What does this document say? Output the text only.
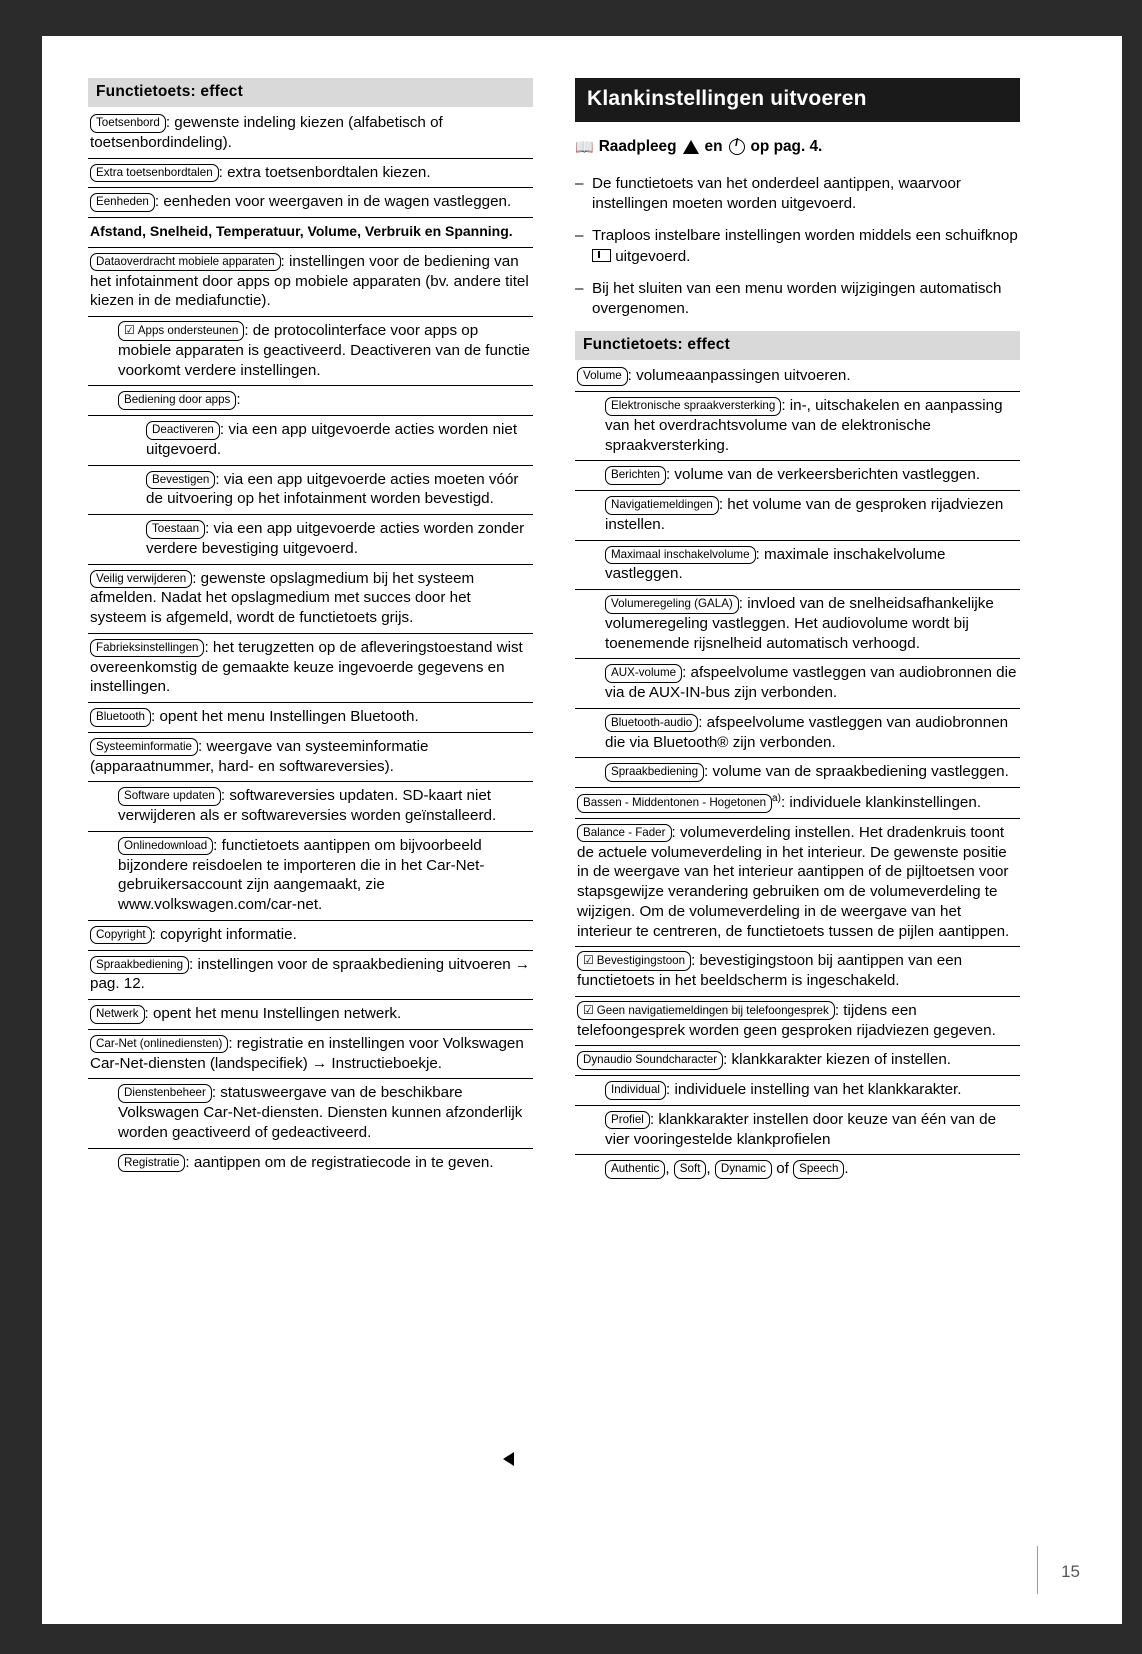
Functietoets: effect
Toetsenbord : gewenste indeling kiezen (alfabetisch of toetsenbordindeling).
Extra toetsenbordtalen : extra toetsenbordtalen kiezen.
Eenheden : eenheden voor weergaven in de wagen vastleggen.
Afstand, Snelheid, Temperatuur, Volume, Verbruik en Spanning.
Dataoverdracht mobiele apparaten : instellingen voor de bediening van het infotainment door apps op mobiele apparaten (bv. andere titel kiezen in de mediafunctie).
☑ Apps ondersteunen : de protocolinterface voor apps op mobiele apparaten is geactiveerd. Deactiveren van de functie voorkomt verdere instellingen.
Bediening door apps :
Deactiveren : via een app uitgevoerde acties worden niet uitgevoerd.
Bevestigen : via een app uitgevoerde acties moeten vóór de uitvoering op het infotainment worden bevestigd.
Toestaan : via een app uitgevoerde acties worden zonder verdere bevestiging uitgevoerd.
Veilig verwijderen : gewenste opslagmedium bij het systeem afmelden. Nadat het opslagmedium met succes door het systeem is afgemeld, wordt de functietoets grijs.
Fabrieksinstellingen : het terugzetten op de afleveringstoestand wist overeenkomstig de gemaakte keuze ingevoerde gegevens en instellingen.
Bluetooth : opent het menu Instellingen Bluetooth.
Systeeminformatie : weergave van systeeminformatie (apparaatnummer, hard- en softwareversies).
Software updaten : softwareversies updaten. SD-kaart niet verwijderen als er softwareversies worden geïnstalleerd.
Onlinedownload : functietoets aantippen om bijvoorbeeld bijzondere reisdoelen te importeren die in het Car-Net-gebruikersaccount zijn aangemaakt, zie www.volkswagen.com/car-net.
Copyright : copyright informatie.
Spraakbediening : instellingen voor de spraakbediening uitvoeren → pag. 12.
Netwerk : opent het menu Instellingen netwerk.
Car-Net (onlinediensten) : registratie en instellingen voor Volkswagen Car-Net-diensten (landspecifiek) → Instructieboekje.
Dienstenbeheer : statusweergave van de beschikbare Volkswagen Car-Net-diensten. Diensten kunnen afzonderlijk worden geactiveerd of gedeactiveerd.
Registratie : aantippen om de registratiecode in te geven.
Klankinstellingen uitvoeren
📖 Raadpleeg en i op pag. 4.
– De functietoets van het onderdeel aantippen, waarvoor instellingen moeten worden uitgevoerd.
– Traploos instelbare instellingen worden middels een schuifknop  uitgevoerd.
– Bij het sluiten van een menu worden wijzigingen automatisch overgenomen.
Functietoets: effect
Volume : volumeaanpassingen uitvoeren.
Elektronische spraakversterking : in-, uitschakelen en aanpassing van het overdrachtsvolume van de elektronische spraakversterking.
Berichten : volume van de verkeersberichten vastleggen.
Navigatiemeldingen : het volume van de gesproken rijadviezen instellen.
Maximaal inschakelvolume : maximale inschakelvolume vastleggen.
Volumeregeling (GALA) : invloed van de snelheidsafhankelijke volumeregeling vastleggen. Het audiovolume wordt bij toenemende rijsnelheid automatisch verhoogd.
AUX-volume : afspeelvolume vastleggen van audiobronnen die via de AUX-IN-bus zijn verbonden.
Bluetooth-audio : afspeelvolume vastleggen van audiobronnen die via Bluetooth® zijn verbonden.
Spraakbediening : volume van de spraakbediening vastleggen.
Bassen - Middentonen - Hogetonen $^{a)}$: individuele klankinstellingen.
Balance - Fader : volumeverdeling instellen. Het dradenkruis toont de actuele volumeverdeling in het interieur. De gewenste positie in de weergave van het interieur aantippen of de pijltoetsen voor stapsgewijze verandering gebruiken om de volumeverdeling te wijzigen. Om de volumeverdeling in de weergave van het interieur te centreren, de functietoets tussen de pijlen aantippen.
☑ Bevestigingstoon : bevestigingstoon bij aantippen van een functietoets in het beeldscherm is ingeschakeld.
☑ Geen navigatiemeldingen bij telefoongesprek : tijdens een telefoongesprek worden geen gesproken rijadviezen gegeven.
Dynaudio Soundcharacter : klankkarakter kiezen of instellen.
Individual : individuele instelling van het klankkarakter.
Profiel : klankkarakter instellen door keuze van één van de vier vooringestelde klankprofielen
Authentic , Soft , Dynamic of Speech .
15
